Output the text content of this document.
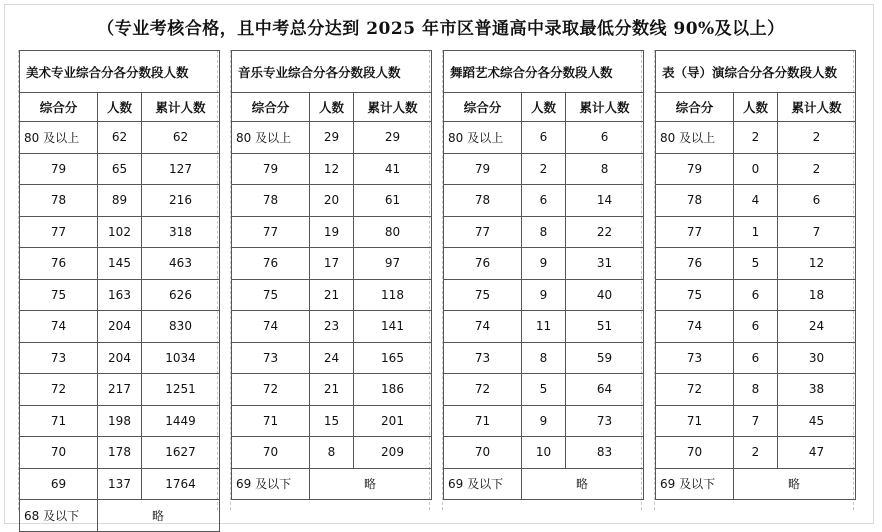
（专业考核合格，且中考总分达到 2025 年市区普通高中录取最低分数线 90%及以上）
美术专业综合分各分数段人数		
综合分	人数	累计人数
80 及以上	62	62
79	65	127
78	89	216
77	102	318
76	145	463
75	163	626
74	204	830
73	204	1034
72	217	1251
71	198	1449
70	178	1627
69	137	1764
68 及以下	略	
音乐专业综合分各分数段人数		
综合分	人数	累计人数
80 及以上	29	29
79	12	41
78	20	61
77	19	80
76	17	97
75	21	118
74	23	141
73	24	165
72	21	186
71	15	201
70	8	209
69 及以下	略	
舞蹈艺术综合分各分数段人数		
综合分	人数	累计人数
80 及以上	6	6
79	2	8
78	6	14
77	8	22
76	9	31
75	9	40
74	11	51
73	8	59
72	5	64
71	9	73
70	10	83
69 及以下	略	
表（导）演综合分各分数段人数		
综合分	人数	累计人数
80 及以上	2	2
79	0	2
78	4	6
77	1	7
76	5	12
75	6	18
74	6	24
73	6	30
72	8	38
71	7	45
70	2	47
69 及以下	略	
